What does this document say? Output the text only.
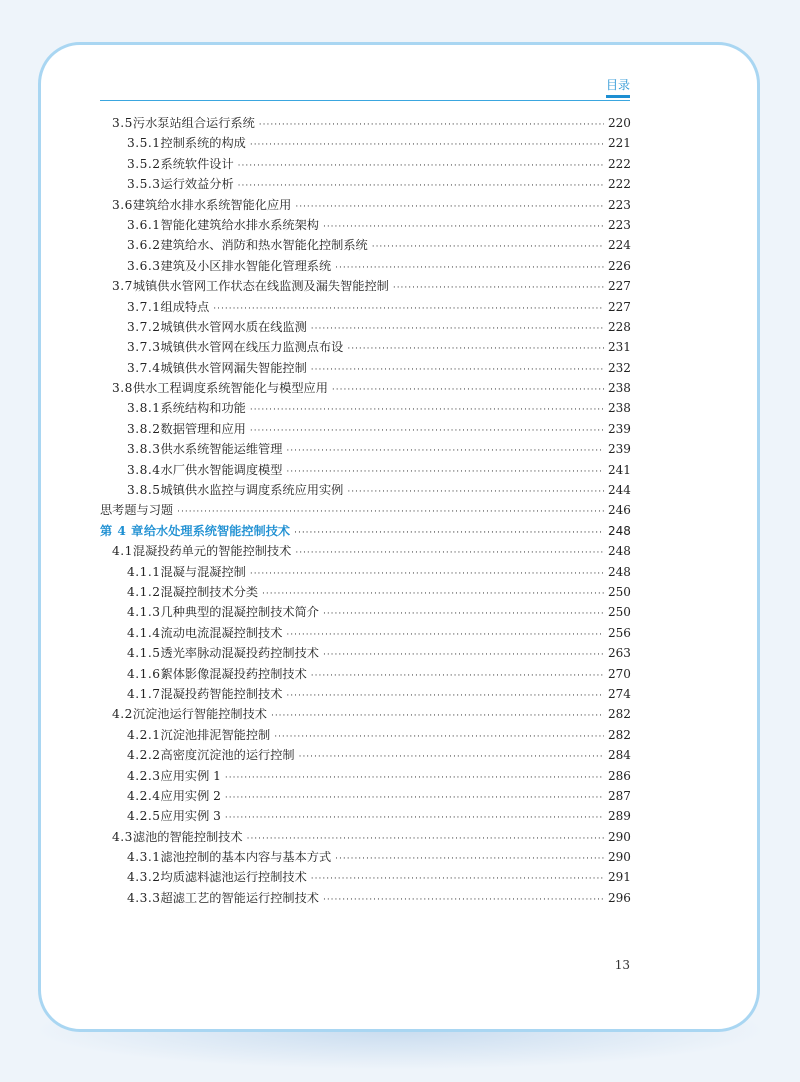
目录
3.5 污水泵站组合运行系统 ·····	220
3.5.1 控制系统的构成 ·····	221
3.5.2 系统软件设计 ·····	222
3.5.3 运行效益分析 ·····	222
3.6 建筑给水排水系统智能化应用 ·····	223
3.6.1 智能化建筑给水排水系统架构 ·····	223
3.6.2 建筑给水、消防和热水智能化控制系统 ·····	224
3.6.3 建筑及小区排水智能化管理系统 ·····	226
3.7 城镇供水管网工作状态在线监测及漏失智能控制 ·····	227
3.7.1 组成特点 ·····	227
3.7.2 城镇供水管网水质在线监测 ·····	228
3.7.3 城镇供水管网在线压力监测点布设 ·····	231
3.7.4 城镇供水管网漏失智能控制 ·····	232
3.8 供水工程调度系统智能化与模型应用 ·····	238
3.8.1 系统结构和功能 ·····	238
3.8.2 数据管理和应用 ·····	239
3.8.3 供水系统智能运维管理 ·····	239
3.8.4 水厂供水智能调度模型 ·····	241
3.8.5 城镇供水监控与调度系统应用实例 ·····	244
思考题与习题 ·····	246
第 4 章 给水处理系统智能控制技术 ·····	248
4.1 混凝投药单元的智能控制技术 ·····	248
4.1.1 混凝与混凝控制 ·····	248
4.1.2 混凝控制技术分类 ·····	250
4.1.3 几种典型的混凝控制技术简介 ·····	250
4.1.4 流动电流混凝控制技术 ·····	256
4.1.5 透光率脉动混凝投药控制技术 ·····	263
4.1.6 絮体影像混凝投药控制技术 ·····	270
4.1.7 混凝投药智能控制技术 ·····	274
4.2 沉淀池运行智能控制技术 ·····	282
4.2.1 沉淀池排泥智能控制 ·····	282
4.2.2 高密度沉淀池的运行控制 ·····	284
4.2.3 应用实例 1 ·····	286
4.2.4 应用实例 2 ·····	287
4.2.5 应用实例 3 ·····	289
4.3 滤池的智能控制技术 ·····	290
4.3.1 滤池控制的基本内容与基本方式 ·····	290
4.3.2 均质滤料滤池运行控制技术 ·····	291
4.3.3 超滤工艺的智能运行控制技术 ·····	296
13
